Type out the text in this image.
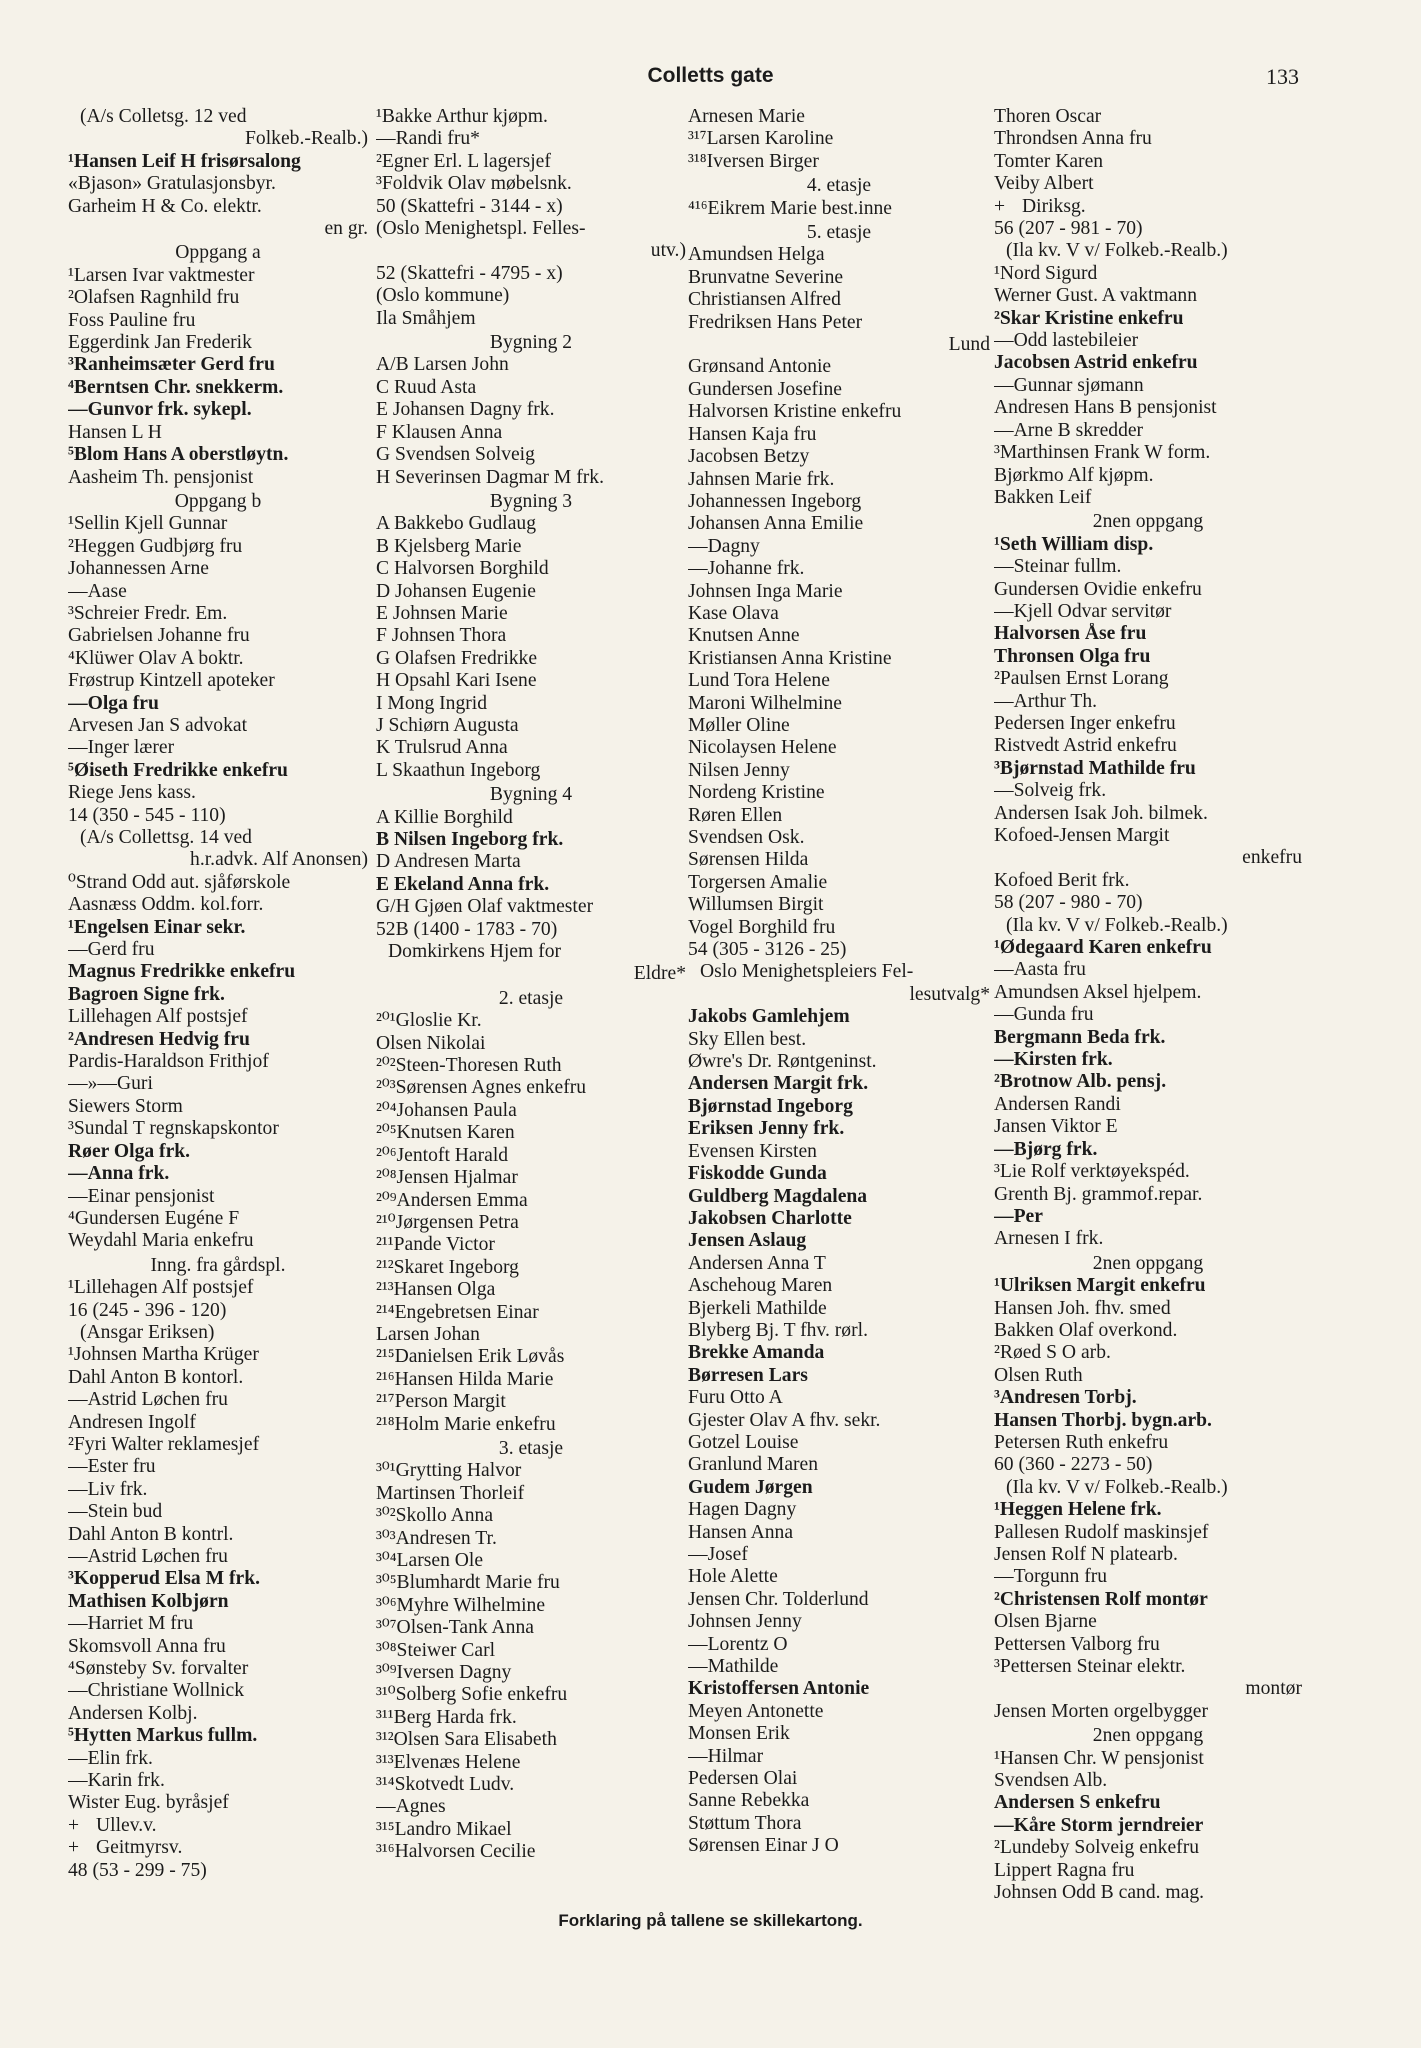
Colletts gate	133
(A/s Colletsg. 12 ved
Folkeb.-Realb.)
¹Hansen Leif H frisørsalong
«Bjason» Gratulasjonsbyr.
Garheim H & Co. elektr.
en gr.
Oppgang a
¹Larsen Ivar vaktmester
²Olafsen Ragnhild fru
Foss Pauline fru
Eggerdink Jan Frederik
³Ranheimsæter Gerd fru
⁴Berntsen Chr. snekkerm.
—Gunvor frk. sykepl.
Hansen L H
⁵Blom Hans A oberstløytn.
Aasheim Th. pensjonist
Oppgang b
¹Sellin Kjell Gunnar
²Heggen Gudbjørg fru
Johannessen Arne
—Aase
³Schreier Fredr. Em.
Gabrielsen Johanne fru
⁴Klüwer Olav A boktr.
Frøstrup Kintzell apoteker
—Olga fru
Arvesen Jan S advokat
—Inger lærer
⁵Øiseth Fredrikke enkefru
Riege Jens kass.
14 (350 - 545 - 110)
(A/s Collettsg. 14 ved
h.r.advk. Alf Anonsen)
⁰Strand Odd aut. sjåførskole
Aasnæss Oddm. kol.forr.
¹Engelsen Einar sekr.
—Gerd fru
Magnus Fredrikke enkefru
Bagroen Signe frk.
Lillehagen Alf postsjef
²Andresen Hedvig fru
Pardis-Haraldson Frithjof
—»—Guri
Siewers Storm
³Sundal T regnskapskontor
Røer Olga frk.
—Anna frk.
—Einar pensjonist
⁴Gundersen Eugéne F
Weydahl Maria enkefru
Inng. fra gårdspl.
¹Lillehagen Alf postsjef
16 (245 - 396 - 120)
(Ansgar Eriksen)
¹Johnsen Martha Krüger
Dahl Anton B kontorl.
—Astrid Løchen fru
Andresen Ingolf
²Fyri Walter reklamesjef
—Ester fru
—Liv frk.
—Stein bud
Dahl Anton B kontrl.
—Astrid Løchen fru
³Kopperud Elsa M frk.
Mathisen Kolbjørn
—Harriet M fru
Skomsvoll Anna fru
⁴Sønsteby Sv. forvalter
—Christiane Wollnick
Andersen Kolbj.
⁵Hytten Markus fullm.
—Elin frk.
—Karin frk.
Wister Eug. byråsjef
+ Ullev.v.
+ Geitmyrsv.
48 (53 - 299 - 75)
¹Bakke Arthur kjøpm.
—Randi fru*
²Egner Erl. L lagersjef
³Foldvik Olav møbelsnk.
50 (Skattefri - 3144 - x)
(Oslo Menighetspl. Felles-
utv.)
52 (Skattefri - 4795 - x)
(Oslo kommune)
Ila Småhjem
Bygning 2
A/B Larsen John
C Ruud Asta
E Johansen Dagny frk.
F Klausen Anna
G Svendsen Solveig
H Severinsen Dagmar M frk.
Bygning 3
A Bakkebo Gudlaug
B Kjelsberg Marie
C Halvorsen Borghild
D Johansen Eugenie
E Johnsen Marie
F Johnsen Thora
G Olafsen Fredrikke
H Opsahl Kari Isene
I Mong Ingrid
J Schiørn Augusta
K Trulsrud Anna
L Skaathun Ingeborg
Bygning 4
A Killie Borghild
B Nilsen Ingeborg frk.
D Andresen Marta
E Ekeland Anna frk.
G/H Gjøen Olaf vaktmester
52B (1400 - 1783 - 70)
Domkirkens Hjem for
Eldre*
2. etasje
²⁰¹Gloslie Kr.
Olsen Nikolai
²⁰²Steen-Thoresen Ruth
²⁰³Sørensen Agnes enkefru
²⁰⁴Johansen Paula
²⁰⁵Knutsen Karen
²⁰⁶Jentoft Harald
²⁰⁸Jensen Hjalmar
²⁰⁹Andersen Emma
²¹⁰Jørgensen Petra
²¹¹Pande Victor
²¹²Skaret Ingeborg
²¹³Hansen Olga
²¹⁴Engebretsen Einar
Larsen Johan
²¹⁵Danielsen Erik Løvås
²¹⁶Hansen Hilda Marie
²¹⁷Person Margit
²¹⁸Holm Marie enkefru
3. etasje
³⁰¹Grytting Halvor
Martinsen Thorleif
³⁰²Skollo Anna
³⁰³Andresen Tr.
³⁰⁴Larsen Ole
³⁰⁵Blumhardt Marie fru
³⁰⁶Myhre Wilhelmine
³⁰⁷Olsen-Tank Anna
³⁰⁸Steiwer Carl
³⁰⁹Iversen Dagny
³¹⁰Solberg Sofie enkefru
³¹¹Berg Harda frk.
³¹²Olsen Sara Elisabeth
³¹³Elvenæs Helene
³¹⁴Skotvedt Ludv.
—Agnes
³¹⁵Landro Mikael
³¹⁶Halvorsen Cecilie
Arnesen Marie
³¹⁷Larsen Karoline
³¹⁸Iversen Birger
4. etasje
⁴¹⁶Eikrem Marie best.inne
5. etasje
Amundsen Helga
Brunvatne Severine
Christiansen Alfred
Fredriksen Hans Peter
Lund
Grønsand Antonie
Gundersen Josefine
Halvorsen Kristine enkefru
Hansen Kaja fru
Jacobsen Betzy
Jahnsen Marie frk.
Johannessen Ingeborg
Johansen Anna Emilie
—Dagny
—Johanne frk.
Johnsen Inga Marie
Kase Olava
Knutsen Anne
Kristiansen Anna Kristine
Lund Tora Helene
Maroni Wilhelmine
Møller Oline
Nicolaysen Helene
Nilsen Jenny
Nordeng Kristine
Røren Ellen
Svendsen Osk.
Sørensen Hilda
Torgersen Amalie
Willumsen Birgit
Vogel Borghild fru
54 (305 - 3126 - 25)
Oslo Menighetspleiers Fel-
lesutvalg*
Jakobs Gamlehjem
Sky Ellen best.
Øwre's Dr. Røntgeninst.
Andersen Margit frk.
Bjørnstad Ingeborg
Eriksen Jenny frk.
Evensen Kirsten
Fiskodde Gunda
Guldberg Magdalena
Jakobsen Charlotte
Jensen Aslaug
Andersen Anna T
Aschehoug Maren
Bjerkeli Mathilde
Blyberg Bj. T fhv. rørl.
Brekke Amanda
Børresen Lars
Furu Otto A
Gjester Olav A fhv. sekr.
Gotzel Louise
Granlund Maren
Gudem Jørgen
Hagen Dagny
Hansen Anna
—Josef
Hole Alette
Jensen Chr. Tolderlund
Johnsen Jenny
—Lorentz O
—Mathilde
Kristoffersen Antonie
Meyen Antonette
Monsen Erik
—Hilmar
Pedersen Olai
Sanne Rebekka
Støttum Thora
Sørensen Einar J O
Thoren Oscar
Throndsen Anna fru
Tomter Karen
Veiby Albert
+ Diriksg.
56 (207 - 981 - 70)
(Ila kv. V v/ Folkeb.-Realb.)
¹Nord Sigurd
Werner Gust. A vaktmann
²Skar Kristine enkefru
—Odd lastebileier
Jacobsen Astrid enkefru
—Gunnar sjømann
Andresen Hans B pensjonist
—Arne B skredder
³Marthinsen Frank W form.
Bjørkmo Alf kjøpm.
Bakken Leif
2nen oppgang
¹Seth William disp.
—Steinar fullm.
Gundersen Ovidie enkefru
—Kjell Odvar servitør
Halvorsen Åse fru
Thronsen Olga fru
²Paulsen Ernst Lorang
—Arthur Th.
Pedersen Inger enkefru
Ristvedt Astrid enkefru
³Bjørnstad Mathilde fru
—Solveig frk.
Andersen Isak Joh. bilmek.
Kofoed-Jensen Margit
enkefru
Kofoed Berit frk.
58 (207 - 980 - 70)
(Ila kv. V v/ Folkeb.-Realb.)
¹Ødegaard Karen enkefru
—Aasta fru
Amundsen Aksel hjelpem.
—Gunda fru
Bergmann Beda frk.
—Kirsten frk.
²Brotnow Alb. pensj.
Andersen Randi
Jansen Viktor E
—Bjørg frk.
³Lie Rolf verktøyekspéd.
Grenth Bj. grammof.repar.
—Per
Arnesen I frk.
2nen oppgang
¹Ulriksen Margit enkefru
Hansen Joh. fhv. smed
Bakken Olaf overkond.
²Røed S O arb.
Olsen Ruth
³Andresen Torbj.
Hansen Thorbj. bygn.arb.
Petersen Ruth enkefru
60 (360 - 2273 - 50)
(Ila kv. V v/ Folkeb.-Realb.)
¹Heggen Helene frk.
Pallesen Rudolf maskinsjef
Jensen Rolf N platearb.
—Torgunn fru
²Christensen Rolf montør
Olsen Bjarne
Pettersen Valborg fru
³Pettersen Steinar elektr.
montør
Jensen Morten orgelbygger
2nen oppgang
¹Hansen Chr. W pensjonist
Svendsen Alb.
Andersen S enkefru
—Kåre Storm jerndreier
²Lundeby Solveig enkefru
Lippert Ragna fru
Johnsen Odd B cand. mag.
Forklaring på tallene se skillekartong.
